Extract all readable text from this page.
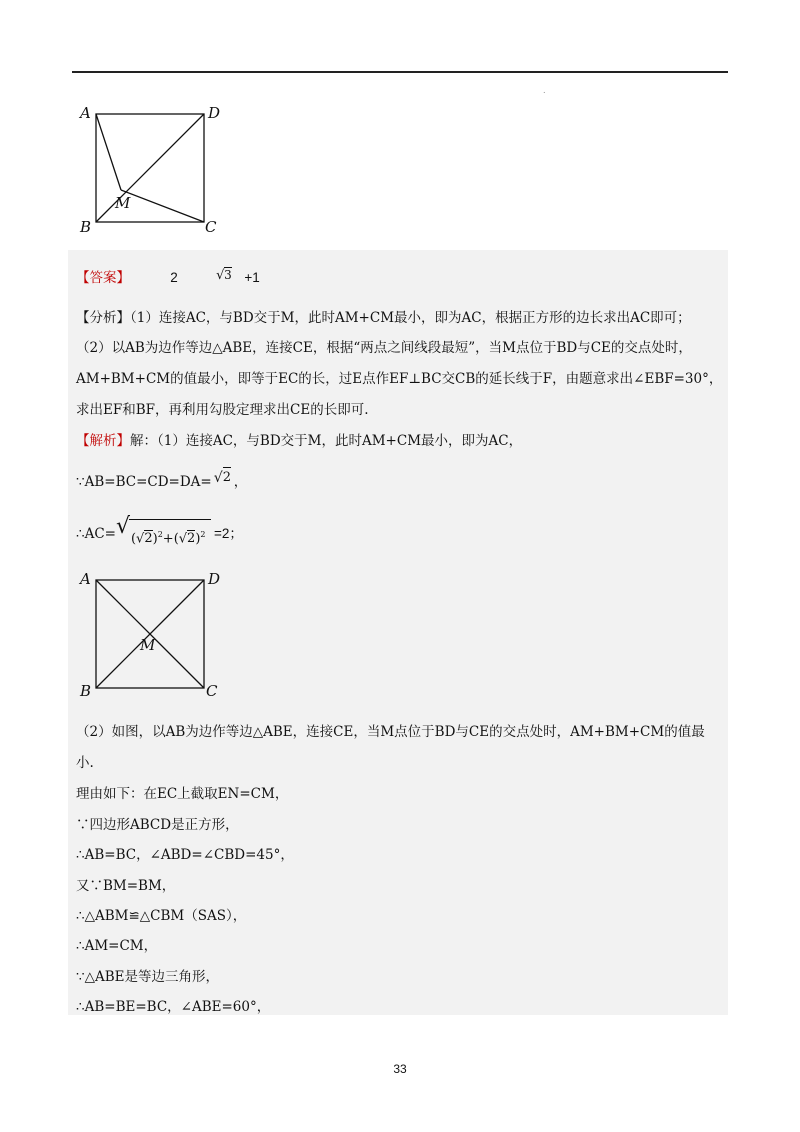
.
A	D
B	C
M
【答案】	2	√ 3 +1
【分析】（1）连接AC，与BD交于M，此时AM+CM最小，即为AC，根据正方形的边长求出AC即可；
（2）以AB为边作等边△ABE，连接CE，根据“两点之间线段最短”，当M点位于BD与CE的交点处时，
AM+BM+CM的值最小，即等于EC的长，过E点作EF⊥BC交CB的延长线于F，由题意求出∠EBF=30°，
求出EF和BF，再利用勾股定理求出CE的长即可.
【解析】解：（1）连接AC，与BD交于M，此时AM+CM最小，即为AC，
∵AB=BC=CD=DA= √ 2 ，
∴AC= √ $(√2)^2+(√2)^2 =2$；
A	D
B	C
M
（2）如图，以AB为边作等边△ABE，连接CE，当M点位于BD与CE的交点处时，AM+BM+CM的值最
小.
理由如下：在EC上截取EN=CM，
∵四边形ABCD是正方形，
∴AB=BC，∠ABD=∠CBD=45°，
又∵BM=BM，
∴△ABM≌△CBM（SAS），
∴AM=CM，
∵△ABE是等边三角形，
∴AB=BE=BC，∠ABE=60°，
33
